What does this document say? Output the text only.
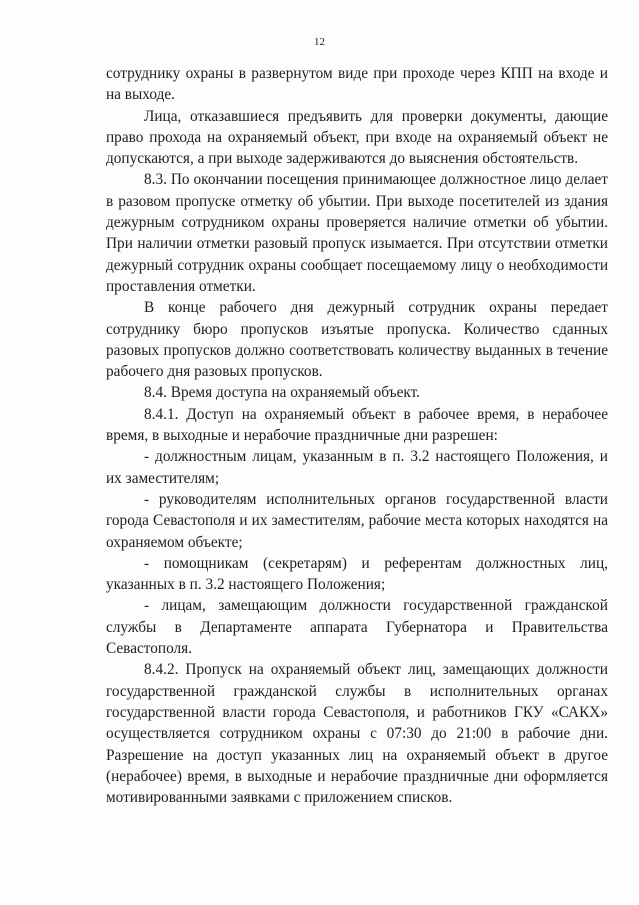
12

сотруднику охраны в развернутом виде при проходе через КПП на входе и на выходе.

Лица, отказавшиеся предъявить для проверки документы, дающие право прохода на охраняемый объект, при входе на охраняемый объект не допускаются, а при выходе задерживаются до выяснения обстоятельств.

8.3. По окончании посещения принимающее должностное лицо делает в разовом пропуске отметку об убытии. При выходе посетителей из здания дежурным сотрудником охраны проверяется наличие отметки об убытии. При наличии отметки разовый пропуск изымается. При отсутствии отметки дежурный сотрудник охраны сообщает посещаемому лицу о необходимости проставления отметки.

В конце рабочего дня дежурный сотрудник охраны передает сотруднику бюро пропусков изъятые пропуска. Количество сданных разовых пропусков должно соответствовать количеству выданных в течение рабочего дня разовых пропусков.

8.4. Время доступа на охраняемый объект.

8.4.1. Доступ на охраняемый объект в рабочее время, в нерабочее время, в выходные и нерабочие праздничные дни разрешен:

- должностным лицам, указанным в п. 3.2 настоящего Положения, и их заместителям;

- руководителям исполнительных органов государственной власти города Севастополя и их заместителям, рабочие места которых находятся на охраняемом объекте;

- помощникам (секретарям) и референтам должностных лиц, указанных в п. 3.2 настоящего Положения;

- лицам, замещающим должности государственной гражданской службы в Департаменте аппарата Губернатора и Правительства Севастополя.

8.4.2. Пропуск на охраняемый объект лиц, замещающих должности государственной гражданской службы в исполнительных органах государственной власти города Севастополя, и работников ГКУ «САКХ» осуществляется сотрудником охраны с 07:30 до 21:00 в рабочие дни. Разрешение на доступ указанных лиц на охраняемый объект в другое (нерабочее) время, в выходные и нерабочие праздничные дни оформляется мотивированными заявками с приложением списков.
